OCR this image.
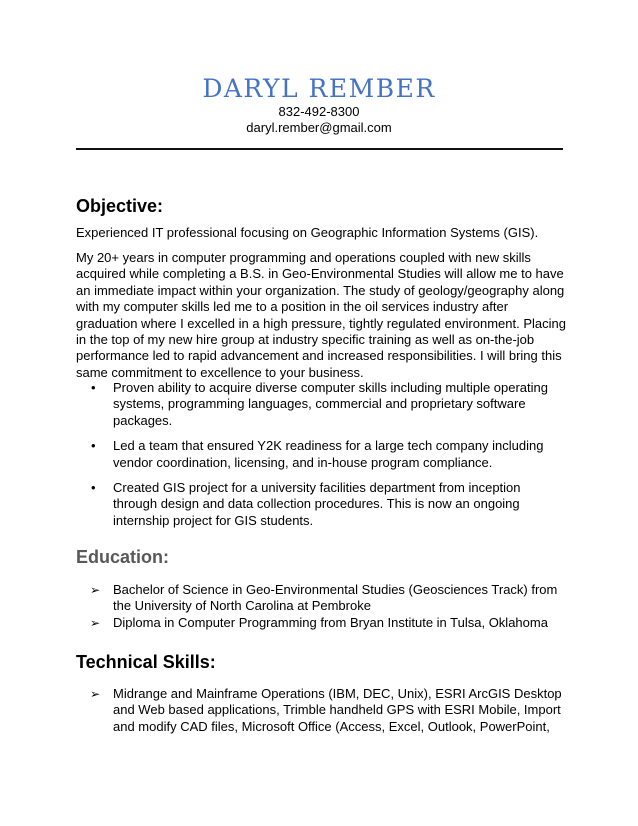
DARYL REMBER
832-492-8300
daryl.rember@gmail.com
Objective:

Experienced IT professional focusing on Geographic Information Systems (GIS).

My 20+ years in computer programming and operations coupled with new skills acquired while completing a B.S. in Geo-Environmental Studies will allow me to have an immediate impact within your organization. The study of geology/geography along with my computer skills led me to a position in the oil services industry after graduation where I excelled in a high pressure, tightly regulated environment. Placing in the top of my new hire group at industry specific training as well as on-the-job performance led to rapid advancement and increased responsibilities. I will bring this same commitment to excellence to your business.

• Proven ability to acquire diverse computer skills including multiple operating systems, programming languages, commercial and proprietary software packages.
• Led a team that ensured Y2K readiness for a large tech company including vendor coordination, licensing, and in-house program compliance.
• Created GIS project for a university facilities department from inception through design and data collection procedures. This is now an ongoing internship project for GIS students.
Education:
➢ Bachelor of Science in Geo-Environmental Studies (Geosciences Track) from the University of North Carolina at Pembroke
➢ Diploma in Computer Programming from Bryan Institute in Tulsa, Oklahoma
Technical Skills:
➢ Midrange and Mainframe Operations (IBM, DEC, Unix), ESRI ArcGIS Desktop and Web based applications, Trimble handheld GPS with ESRI Mobile, Import and modify CAD files, Microsoft Office (Access, Excel, Outlook, PowerPoint,
